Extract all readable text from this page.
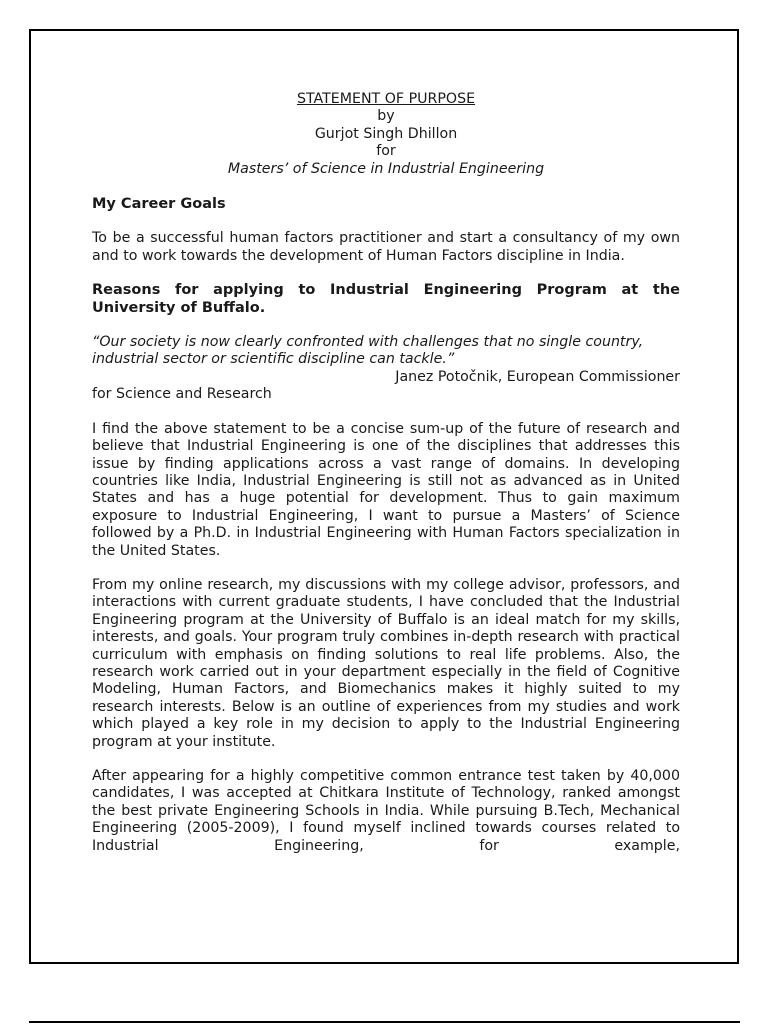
STATEMENT OF PURPOSE
by
Gurjot Singh Dhillon
for
Masters’ of Science in Industrial Engineering
My Career Goals

To be a successful human factors practitioner and start a consultancy of my own and to work towards the development of Human Factors discipline in India.

Reasons for applying to Industrial Engineering Program at the University of Buffalo.

“Our society is now clearly confronted with challenges that no single country, industrial sector or scientific discipline can tackle.”

Janez Potočnik, European Commissioner

for Science and Research

I find the above statement to be a concise sum-up of the future of research and believe that Industrial Engineering is one of the disciplines that addresses this issue by finding applications across a vast range of domains. In developing countries like India, Industrial Engineering is still not as advanced as in United States and has a huge potential for development. Thus to gain maximum exposure to Industrial Engineering, I want to pursue a Masters’ of Science followed by a Ph.D. in Industrial Engineering with Human Factors specialization in the United States.

From my online research, my discussions with my college advisor, professors, and interactions with current graduate students, I have concluded that the Industrial Engineering program at the University of Buffalo is an ideal match for my skills, interests, and goals. Your program truly combines in-depth research with practical curriculum with emphasis on finding solutions to real life problems. Also, the research work carried out in your department especially in the field of Cognitive Modeling, Human Factors, and Biomechanics makes it highly suited to my research interests. Below is an outline of experiences from my studies and work which played a key role in my decision to apply to the Industrial Engineering program at your institute.

After appearing for a highly competitive common entrance test taken by 40,000 candidates, I was accepted at Chitkara Institute of Technology, ranked amongst the best private Engineering Schools in India. While pursuing B.Tech, Mechanical Engineering (2005-2009), I found myself inclined towards courses related to Industrial Engineering, for example,
